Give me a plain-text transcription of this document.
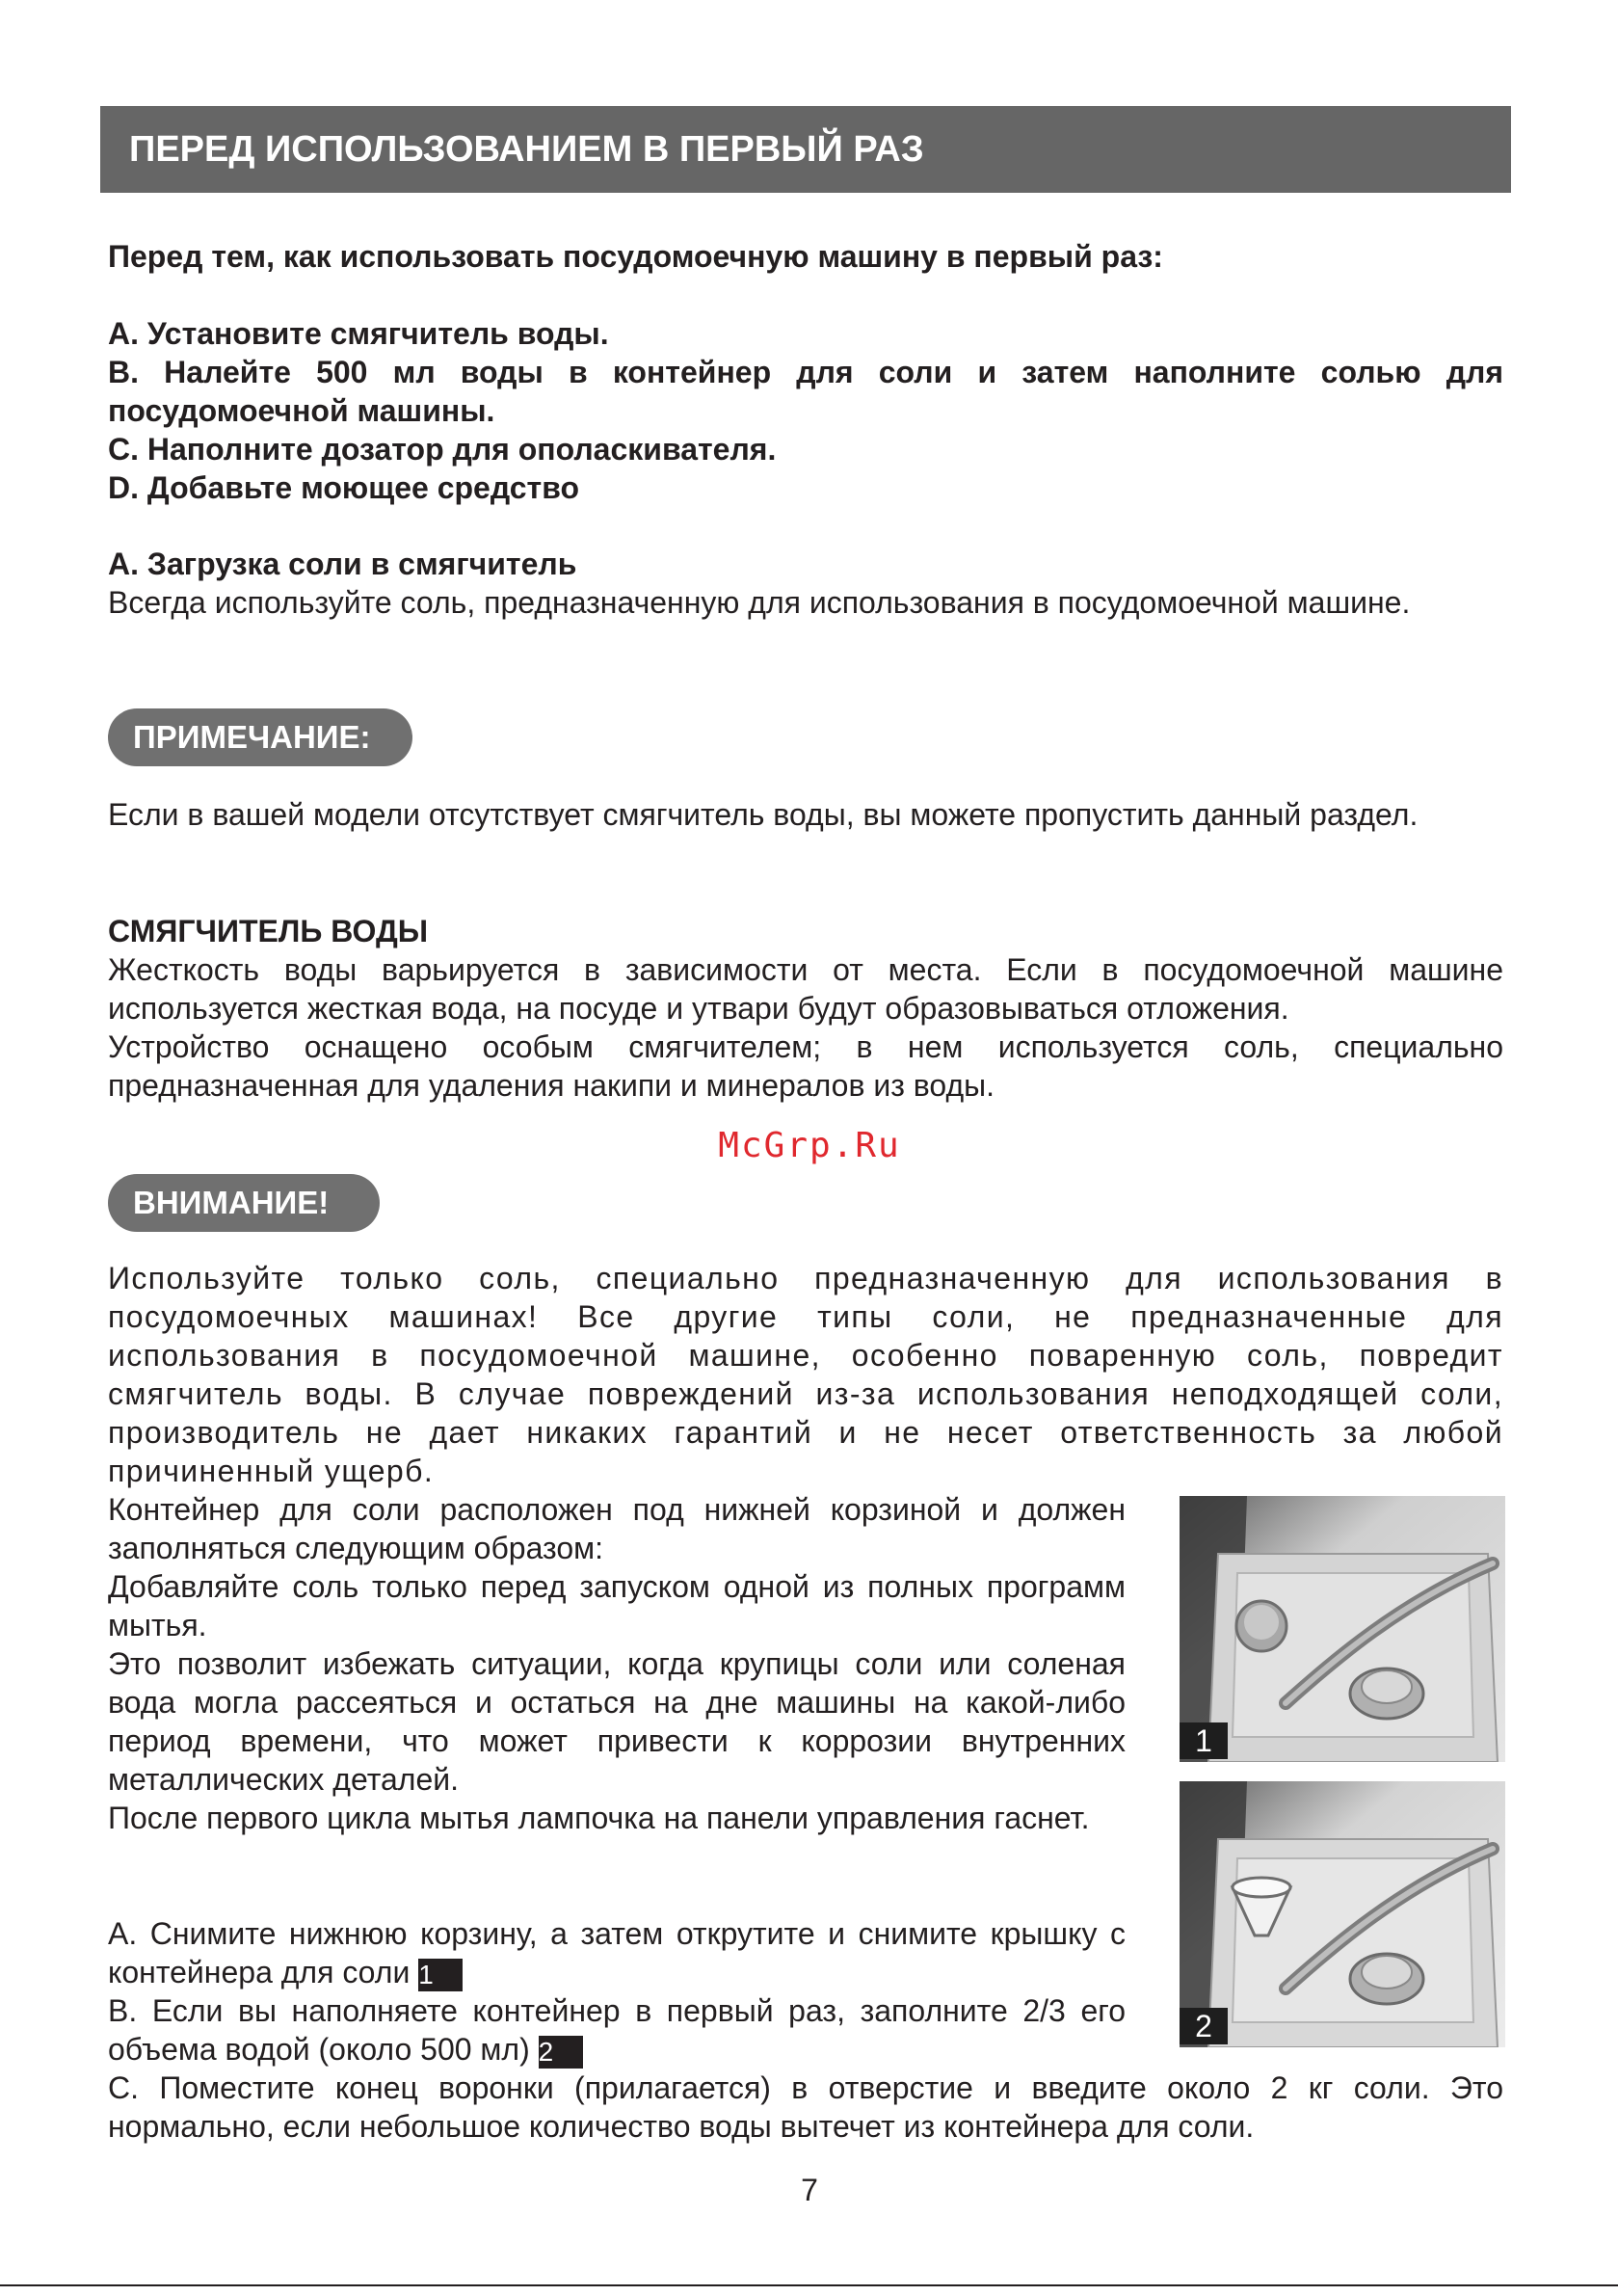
ПЕРЕД ИСПОЛЬЗОВАНИЕМ В ПЕРВЫЙ РАЗ
Перед тем, как использовать посудомоечную машину в первый раз:
А. Установите смягчитель воды.
В. Налейте 500 мл воды в контейнер для соли и затем наполните солью для посудомоечной машины.
С. Наполните дозатор для ополаскивателя.
D. Добавьте моющее средство
А. Загрузка соли в смягчитель
Всегда используйте соль, предназначенную для использования в посудомоечной машине.
ПРИМЕЧАНИЕ:
Если в вашей модели отсутствует смягчитель воды, вы можете пропустить данный раздел.
СМЯГЧИТЕЛЬ ВОДЫ
Жесткость воды варьируется в зависимости от места. Если в посудомоечной машине используется жесткая вода, на посуде и утвари будут образовываться отложения.
Устройство оснащено особым смягчителем; в нем используется соль, специально предназначенная для удаления накипи и минералов из воды.
McGrp.Ru
ВНИМАНИЕ!
Используйте только соль, специально предназначенную для использования в посудомоечных машинах! Все другие типы соли, не предназначенные для использования в посудомоечной машине, особенно поваренную соль, повредит смягчитель воды. В случае повреждений из-за использования неподходящей соли, производитель не дает никаких гарантий и не несет ответственность за любой причиненный ущерб.
Контейнер для соли расположен под нижней корзиной и должен заполняться следующим образом:
Добавляйте соль только перед запуском одной из полных программ мытья.
Это позволит избежать ситуации, когда крупицы соли или соленая вода могла рассеяться и остаться на дне машины на какой-либо период времени, что может привести к коррозии внутренних металлических деталей.
После первого цикла мытья лампочка на панели управления гаснет.
А. Снимите нижнюю корзину, а затем открутите и снимите крышку с контейнера для соли 1
В. Если вы наполняете контейнер в первый раз, заполните 2/3 его объема водой (около 500 мл) 2
С. Поместите конец воронки (прилагается) в отверстие и введите около 2 кг соли. Это нормально, если небольшое количество воды вытечет из контейнера для соли.
1
2
7
